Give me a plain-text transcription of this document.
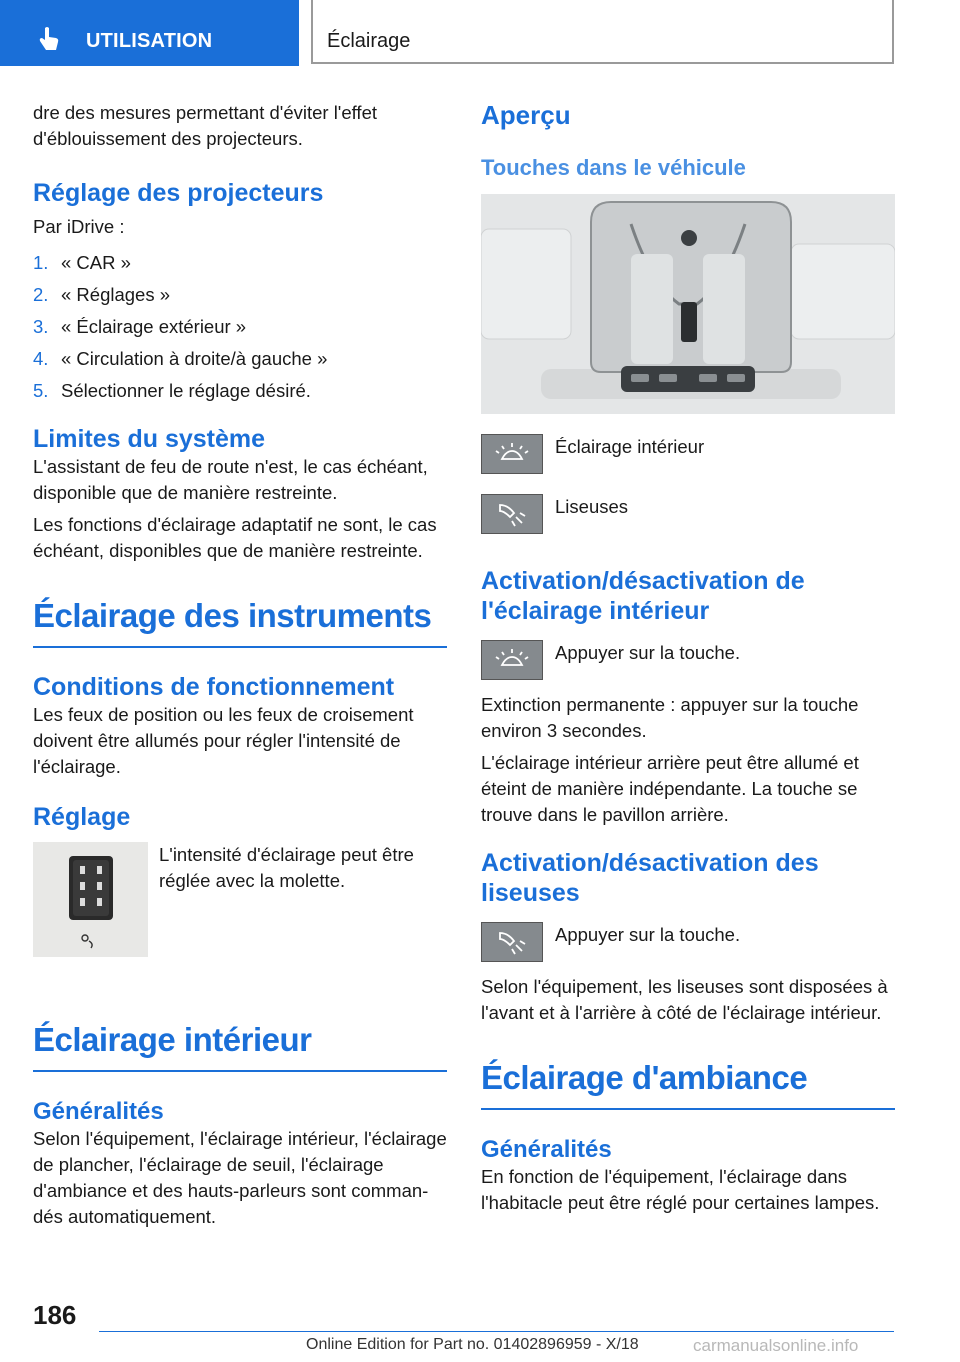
UTILISATION	Éclairage

dre des mesures permettant d'éviter l'effet d'éblouissement des projecteurs.

Réglage des projecteurs

Par iDrive :

1. « CAR »
2. « Réglages »
3. « Éclairage extérieur »
4. « Circulation à droite/à gauche »
5. Sélectionner le réglage désiré.
Limites du système

L'assistant de feu de route n'est, le cas échéant, disponible que de manière restreinte.

Les fonctions d'éclairage adaptatif ne sont, le cas échéant, disponibles que de manière restreinte.

Éclairage des instruments
Conditions de fonctionnement

Les feux de position ou les feux de croisement doivent être allumés pour régler l'intensité de l'éclairage.

Réglage

L'intensité d'éclairage peut être réglée avec la molette.

Éclairage intérieur
Généralités

Selon l'équipement, l'éclairage intérieur, l'éclairage de plancher, l'éclairage de seuil, l'éclairage d'ambiance et des hauts-parleurs sont commandés automatiquement.

Aperçu
Touches dans le véhicule
Éclairage intérieur
Liseuses
Activation/désactivation de l'éclairage intérieur
Appuyer sur la touche.

Extinction permanente : appuyer sur la touche environ 3 secondes.

L'éclairage intérieur arrière peut être allumé et éteint de manière indépendante. La touche se trouve dans le pavillon arrière.

Activation/désactivation des liseuses
Appuyer sur la touche.

Selon l'équipement, les liseuses sont disposées à l'avant et à l'arrière à côté de l'éclairage intérieur.

Éclairage d'ambiance
Généralités

En fonction de l'équipement, l'éclairage dans l'habitacle peut être réglé pour certaines lampes.

186
Online Edition for Part no. 01402896959 - X/18	carmanualsonline.info
